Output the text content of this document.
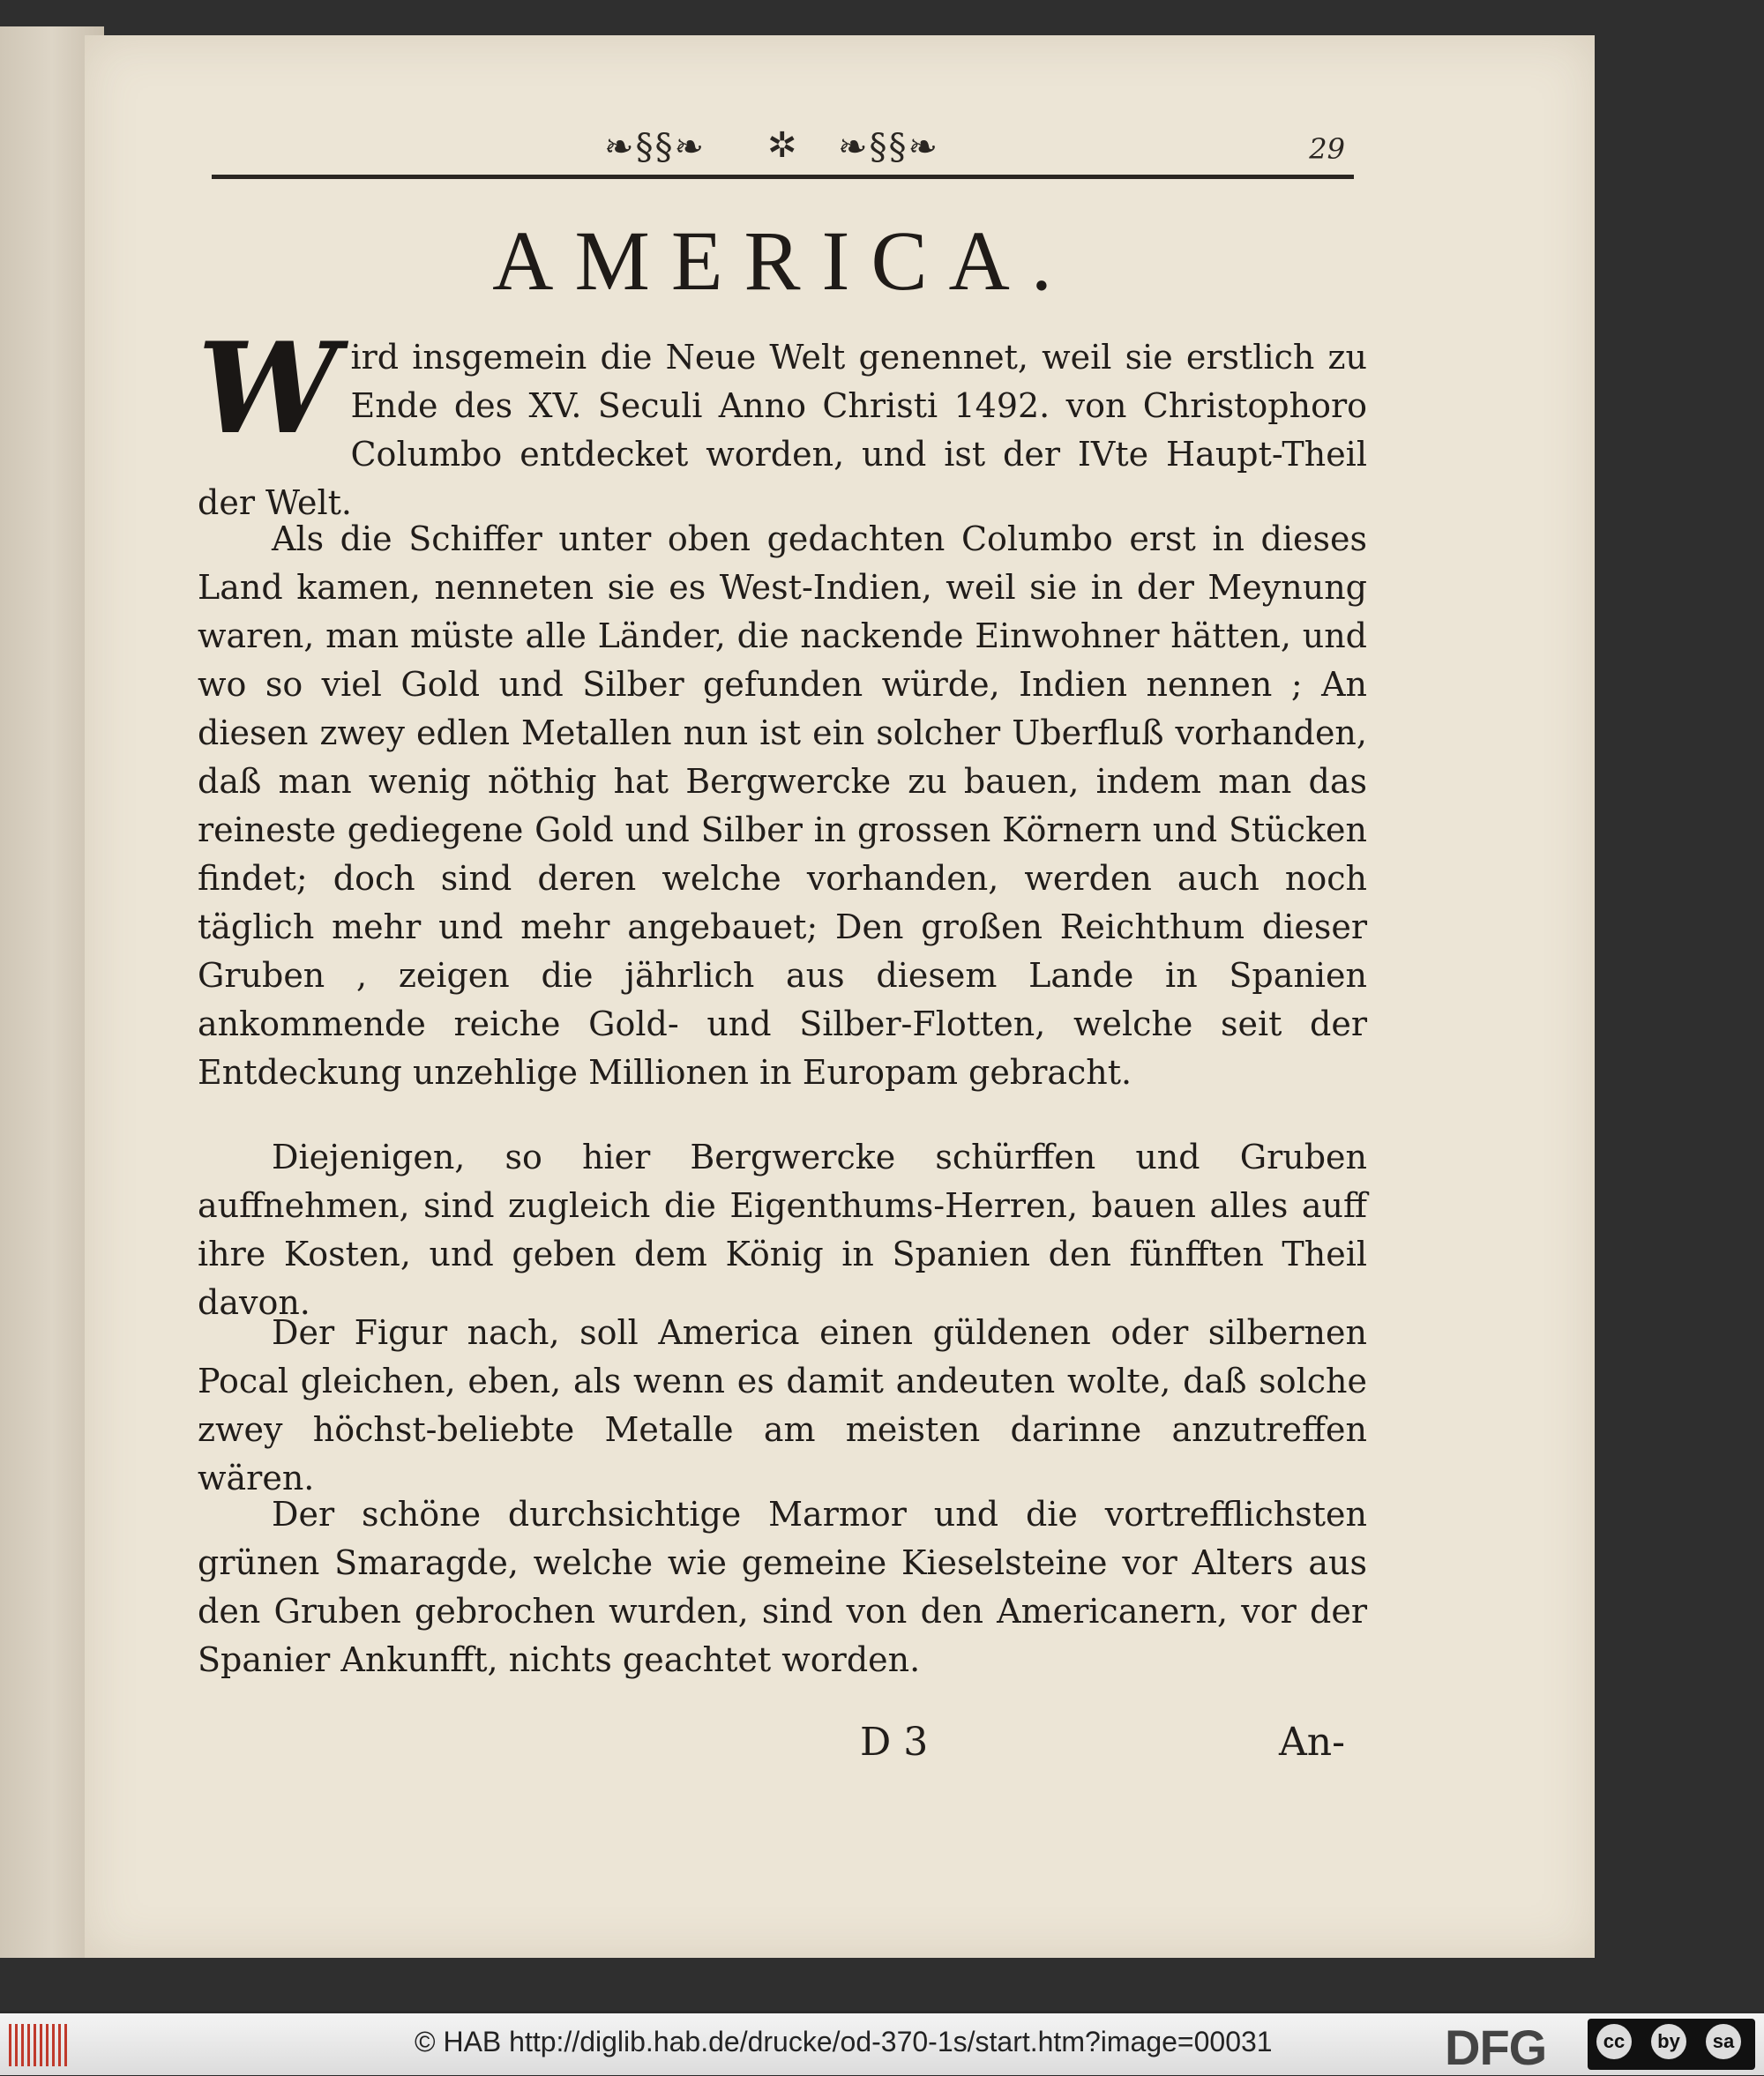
❧§§❧ ✲ ❧§§❧	29
AMERICA.

W ird insgemein die Neue Welt genennet, weil sie erstlich zu Ende des XV. Seculi Anno Christi 1492. von Christophoro Columbo entdecket worden, und ist der IVte Haupt-Theil der Welt.

Als die Schiffer unter oben gedachten Columbo erst in dieses Land kamen, nenneten sie es West-Indien, weil sie in der Meynung waren, man müste alle Länder, die nackende Einwohner hätten, und wo so viel Gold und Silber gefunden würde, Indien nennen ; An diesen zwey edlen Metallen nun ist ein solcher Uberfluß vorhanden, daß man wenig nöthig hat Bergwercke zu bauen, indem man das reineste gediegene Gold und Silber in grossen Körnern und Stücken findet; doch sind deren welche vorhanden, werden auch noch täglich mehr und mehr angebauet; Den großen Reichthum dieser Gruben , zeigen die jährlich aus diesem Lande in Spanien ankommende reiche Gold- und Silber-Flotten, welche seit der Entdeckung unzehlige Millionen in Europam gebracht.

Diejenigen, so hier Bergwercke schürffen und Gruben auffnehmen, sind zugleich die Eigenthums-Herren, bauen alles auff ihre Kosten, und geben dem König in Spanien den fünfften Theil davon.

Der Figur nach, soll America einen güldenen oder silbernen Pocal gleichen, eben, als wenn es damit andeuten wolte, daß solche zwey höchst-beliebte Metalle am meisten darinne anzutreffen wären.

Der schöne durchsichtige Marmor und die vortrefflichsten grünen Smaragde, welche wie gemeine Kieselsteine vor Alters aus den Gruben gebrochen wurden, sind von den Americanern, vor der Spanier Ankunfft, nichts geachtet worden.

D 3	An-
© HAB http://diglib.hab.de/drucke/od-370-1s/start.htm?image=00031	DFG	cc	by	sa
